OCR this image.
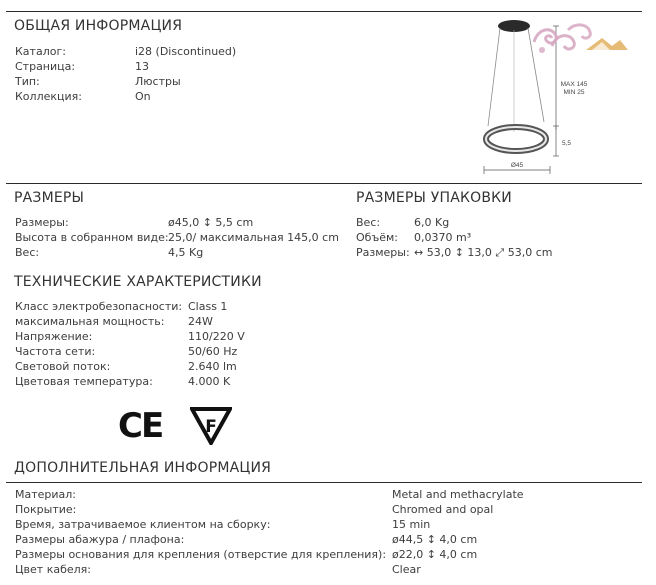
ОБЩАЯ ИНФОРМАЦИЯ
Каталог:	i28 (Discontinued)
Страница:	13
Тип:	Люстры
Коллекция:	On
MAX 145
MIN 25
5,5
Ø45
РАЗМЕРЫ
Размеры:	ø45,0 ↕ 5,5 cm
Высота в собранном виде: 25,0/ максимальная 145,0 cm
Вес:	4,5 Kg
РАЗМЕРЫ УПАКОВКИ
Вес:	6,0 Kg
Объём: 0,0370 m³
Размеры: ↔ 53,0 ↕ 13,0 ⤢ 53,0 cm
ТЕХНИЧЕСКИЕ ХАРАКТЕРИСТИКИ
Класс электробезопасности: Class 1
максимальная мощность: 24W
Напряжение:	110/220 V
Частота сети:	50/60 Hz
Световой поток:	2.640 lm
Цветовая температура:	4.000 K
CE	F
ДОПОЛНИТЕЛЬНАЯ ИНФОРМАЦИЯ
Материал:	Metal and methacrylate
Покрытие:	Chromed and opal
Время, затрачиваемое клиентом на сборку:	15 min
Размеры абажура / плафона:	ø44,5 ↕ 4,0 cm
Размеры основания для крепления (отверстие для крепления): ø22,0 ↕ 4,0 cm
Цвет кабеля:	Clear
